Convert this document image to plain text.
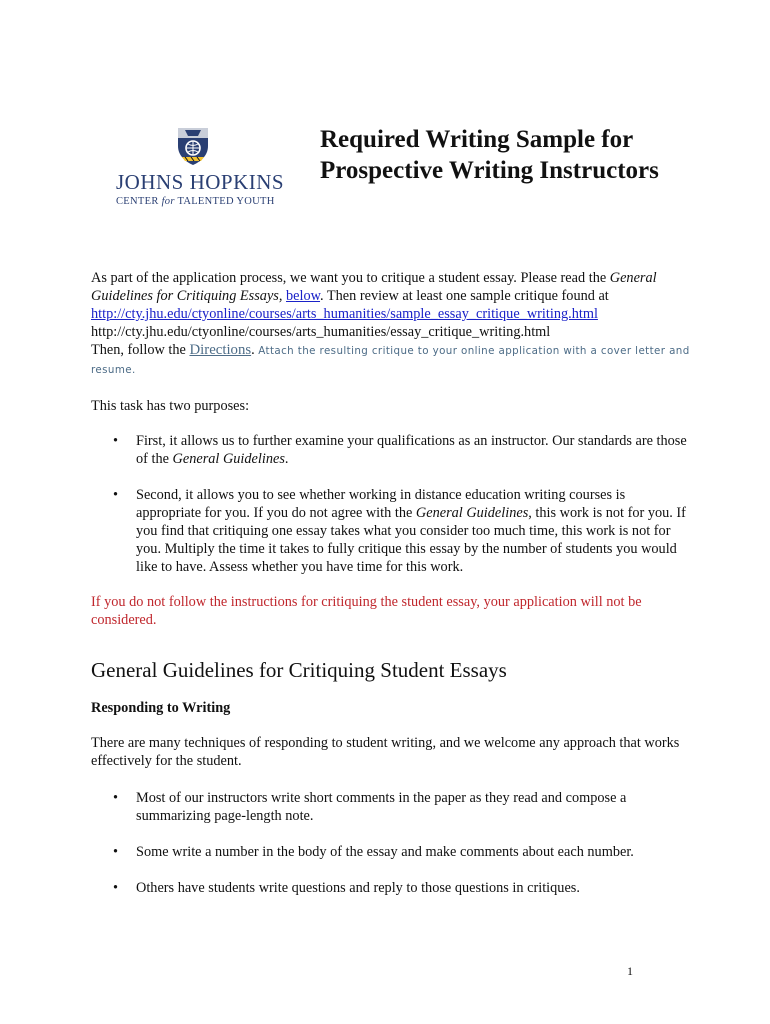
JOHNS HOPKINS
CENTER for TALENTED YOUTH
Required Writing Sample for
Prospective Writing Instructors

As part of the application process, we want you to critique a student essay. Please read the General Guidelines for Critiquing Essays, below. Then review at least one sample critique found at
http://cty.jhu.edu/ctyonline/courses/arts_humanities/sample_essay_critique_writing.html
http://cty.jhu.edu/ctyonline/courses/arts_humanities/essay_critique_writing.html
Then, follow the Directions. Attach the resulting critique to your online application with a cover letter and resume.

This task has two purposes:

• First, it allows us to further examine your qualifications as an instructor. Our standards are those of the General Guidelines.
• Second, it allows you to see whether working in distance education writing courses is appropriate for you. If you do not agree with the General Guidelines, this work is not for you. If you find that critiquing one essay takes what you consider too much time, this work is not for you. Multiply the time it takes to fully critique this essay by the number of students you would like to have. Assess whether you have time for this work.

If you do not follow the instructions for critiquing the student essay, your application will not be considered.

General Guidelines for Critiquing Student Essays

Responding to Writing

There are many techniques of responding to student writing, and we welcome any approach that works effectively for the student.

• Most of our instructors write short comments in the paper as they read and compose a summarizing page-length note.
• Some write a number in the body of the essay and make comments about each number.
• Others have students write questions and reply to those questions in critiques.
1
